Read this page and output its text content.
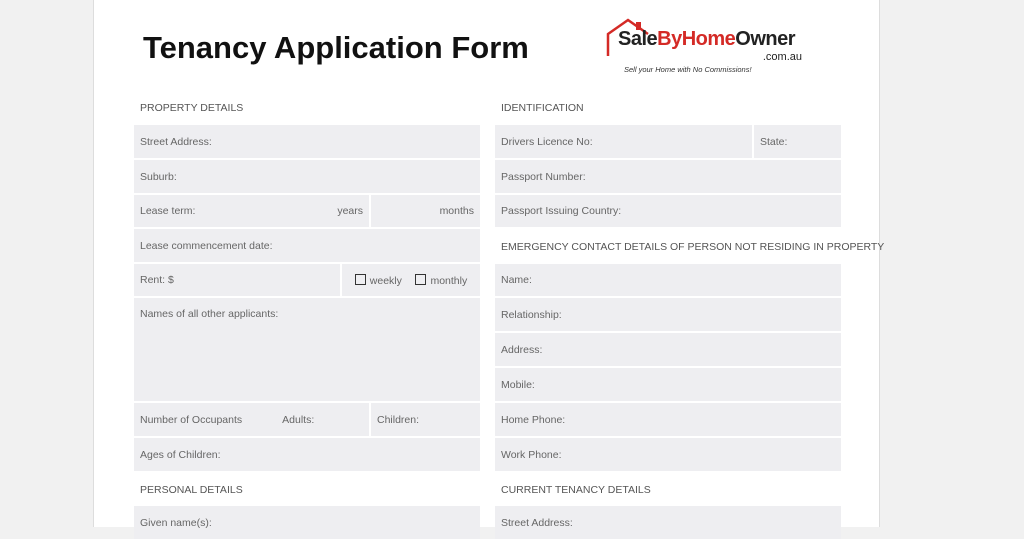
Tenancy Application Form	SaleByHomeOwner
.com.au
Sell your Home with No Commissions!
PROPERTY DETAILS
Street Address:
Suburb:
Lease term:	years	months
Lease commencement date:
Rent: $	weekly	monthly
Names of all other applicants:
Number of Occupants	Adults:	Children:
Ages of Children:
PERSONAL DETAILS
Given name(s):
IDENTIFICATION
Drivers Licence No:	State:
Passport Number:
Passport Issuing Country:
EMERGENCY CONTACT DETAILS OF PERSON NOT RESIDING IN PROPERTY
Name:
Relationship:
Address:
Mobile:
Home Phone:
Work Phone:
CURRENT TENANCY DETAILS
Street Address:
